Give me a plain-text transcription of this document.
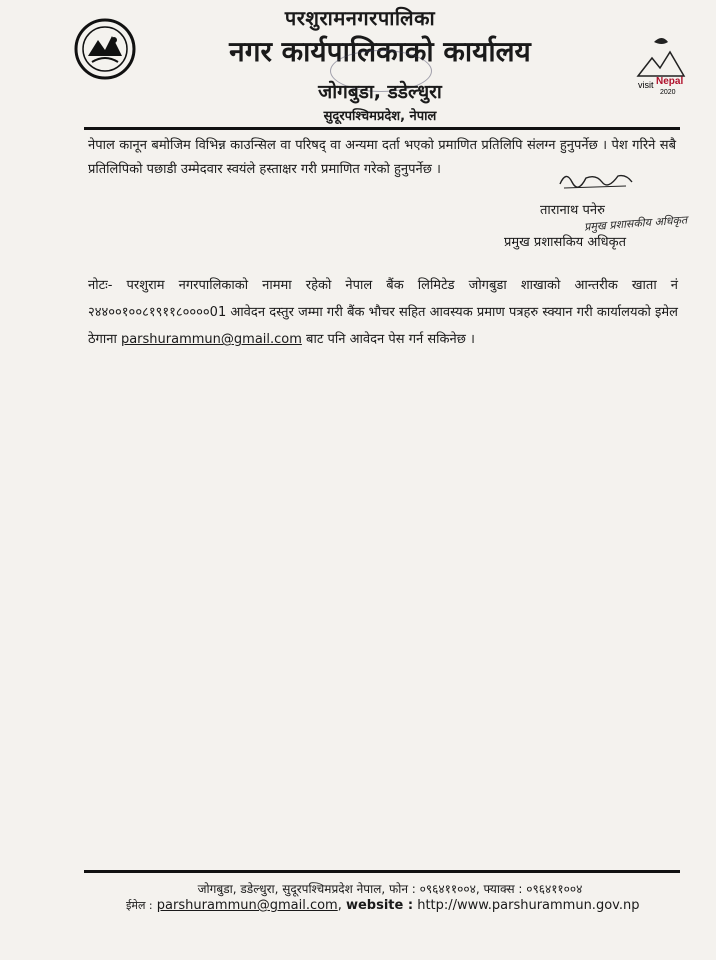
परशुरामनगरपालिका
नगर कार्यपालिकाको कार्यालय
जोगबुडा, डडेल्धुरा
सुदूरपश्चिमप्रदेश, नेपाल
visit Nepal
2020
नेपाल कानून बमोजिम विभिन्न काउन्सिल वा परिषद् वा अन्यमा दर्ता भएको प्रमाणित प्रतिलिपि संलग्न हुनुपर्नेछ । पेश गरिने सबै प्रतिलिपिको पछाडी उम्मेदवार स्वयंले हस्ताक्षर गरी प्रमाणित गरेको हुनुपर्नेछ ।
तारानाथ पनेरु
प्रमुख प्रशासकीय अधिकृत
प्रमुख प्रशासकिय अधिकृत
नोटः- परशुराम नगरपालिकाको नाममा रहेको नेपाल बैंक लिमिटेड जोगबुडा शाखाको आन्तरीक खाता नं २४४००१००८१९११८००००01 आवेदन दस्तुर जम्मा गरी बैंक भौचर सहित आवस्यक प्रमाण पत्रहरु स्क्यान गरी कार्यालयको इमेल ठेगाना parshurammun@gmail.com बाट पनि आवेदन पेस गर्न सकिनेछ ।
जोगबुडा, डडेल्धुरा, सुदूरपश्चिमप्रदेश नेपाल, फोन : ०९६४११००४, फ्याक्स : ०९६४११००४
ईमेल : parshurammun@gmail.com, website : http://www.parshurammun.gov.np
